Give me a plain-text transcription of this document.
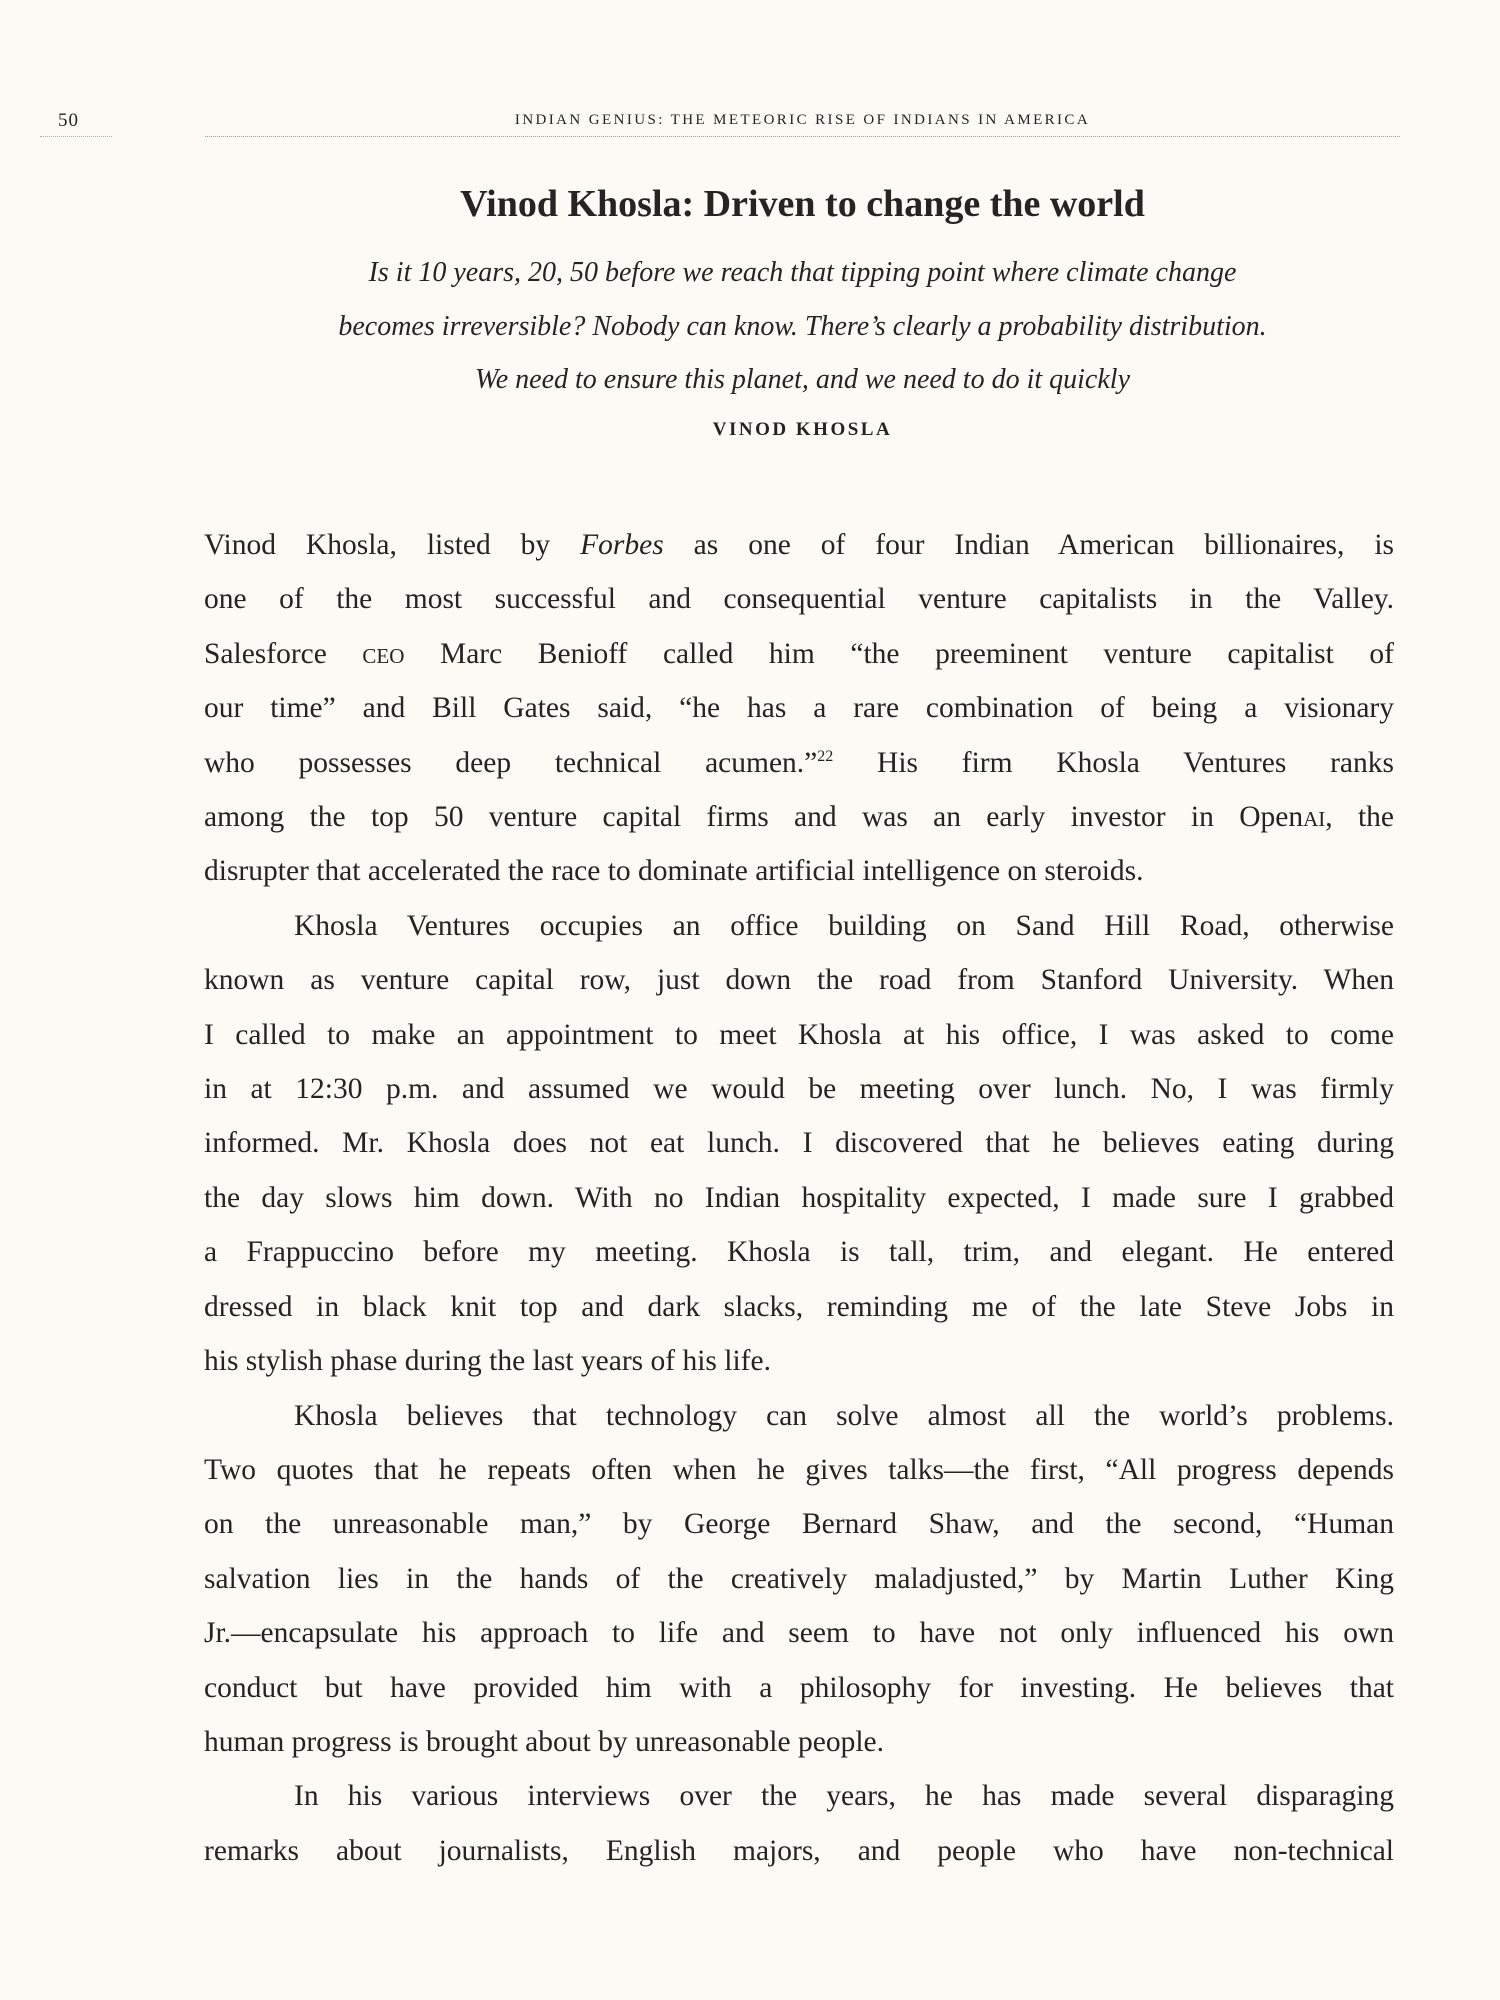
50	INDIAN GENIUS: THE METEORIC RISE OF INDIANS IN AMERICA
Vinod Khosla: Driven to change the world
Is it 10 years, 20, 50 before we reach that tipping point where climate change
becomes irreversible? Nobody can know. There’s clearly a probability distribution.
We need to ensure this planet, and we need to do it quickly
VINOD KHOSLA
Vinod Khosla, listed by Forbes as one of four Indian American billionaires, is
one of the most successful and consequential venture capitalists in the Valley.
Salesforce ceo Marc Benioff called him “the preeminent venture capitalist of
our time” and Bill Gates said, “he has a rare combination of being a visionary
who possesses deep technical acumen.”$^{22}$ His firm Khosla Ventures ranks
among the top 50 venture capital firms and was an early investor in Openai, the
disrupter that accelerated the race to dominate artificial intelligence on steroids.
Khosla Ventures occupies an office building on Sand Hill Road, otherwise
known as venture capital row, just down the road from Stanford University. When
I called to make an appointment to meet Khosla at his office, I was asked to come
in at 12:30 p.m. and assumed we would be meeting over lunch. No, I was firmly
informed. Mr. Khosla does not eat lunch. I discovered that he believes eating during
the day slows him down. With no Indian hospitality expected, I made sure I grabbed
a Frappuccino before my meeting. Khosla is tall, trim, and elegant. He entered
dressed in black knit top and dark slacks, reminding me of the late Steve Jobs in
his stylish phase during the last years of his life.
Khosla believes that technology can solve almost all the world’s problems.
Two quotes that he repeats often when he gives talks—the first, “All progress depends
on the unreasonable man,” by George Bernard Shaw, and the second, “Human
salvation lies in the hands of the creatively maladjusted,” by Martin Luther King
Jr.—encapsulate his approach to life and seem to have not only influenced his own
conduct but have provided him with a philosophy for investing. He believes that
human progress is brought about by unreasonable people.
In his various interviews over the years, he has made several disparaging
remarks about journalists, English majors, and people who have non-technical
